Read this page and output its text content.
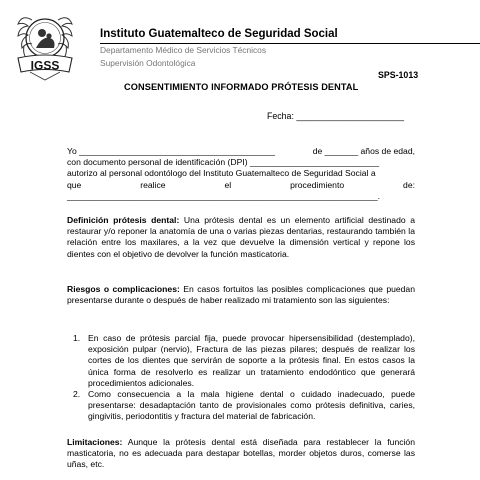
IGSS
Instituto Guatemalteco de Seguridad Social
Departamento Médico de Servicios Técnicos
Supervisión Odontológica
SPS-1013
CONSENTIMIENTO INFORMADO PRÓTESIS DENTAL
Fecha: ______________________
Yo _________________________________________	de _______ años de edad,
con documento personal de identificación (DPI) ___________________________
autorizo al personal odontólogo del Instituto Guatemalteco de Seguridad Social a
que	realice	el	procedimiento	de:
_________________________________________________________________.
Definición prótesis dental: Una prótesis dental es un elemento artificial destinado a restaurar y/o reponer la anatomía de una o varias piezas dentarias, restaurando también la relación entre los maxilares, a la vez que devuelve la dimensión vertical y repone los dientes con el objetivo de devolver la función masticatoria.
Riesgos o complicaciones: En casos fortuitos las posibles complicaciones que puedan presentarse durante o después de haber realizado mi tratamiento son las siguientes:
1. En caso de prótesis parcial fija, puede provocar hipersensibilidad (destemplado), exposición pulpar (nervio), Fractura de las piezas pilares; después de realizar los cortes de los dientes que servirán de soporte a la prótesis final. En estos casos la única forma de resolverlo es realizar un tratamiento endodóntico que generará procedimientos adicionales.
2. Como consecuencia a la mala higiene dental o cuidado inadecuado, puede presentarse: desadaptación tanto de provisionales como prótesis definitiva, caries, gingivitis, periodontitis y fractura del material de fabricación.
Limitaciones: Aunque la prótesis dental está diseñada para restablecer la función masticatoria, no es adecuada para destapar botellas, morder objetos duros, comerse las uñas, etc.
